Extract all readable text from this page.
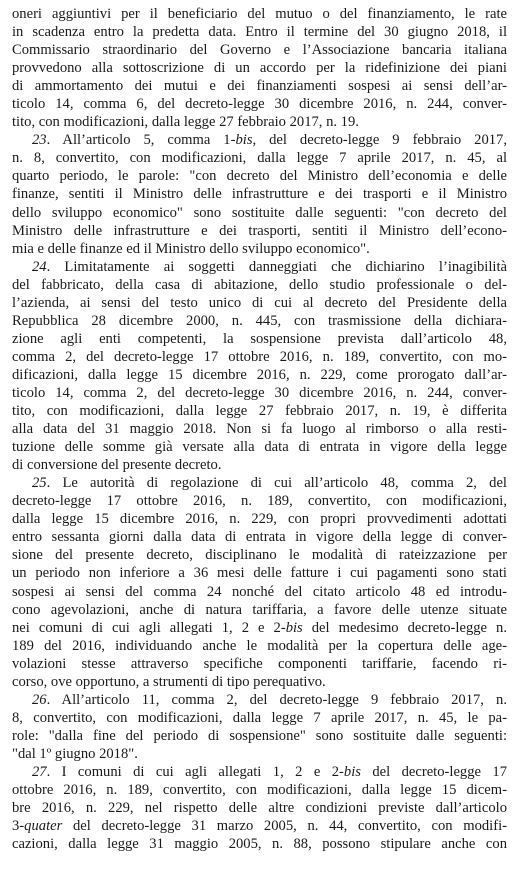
oneri aggiuntivi per il beneficiario del mutuo o del finanziamento, le rate
in scadenza entro la predetta data. Entro il termine del 30 giugno 2018, il
Commissario straordinario del Governo e l’Associazione bancaria italiana
provvedono alla sottoscrizione di un accordo per la ridefinizione dei piani
di ammortamento dei mutui e dei finanziamenti sospesi ai sensi dell’ar-
ticolo 14, comma 6, del decreto-legge 30 dicembre 2016, n. 244, conver-
tito, con modificazioni, dalla legge 27 febbraio 2017, n. 19.
23. All’articolo 5, comma 1-bis, del decreto-legge 9 febbraio 2017,
n. 8, convertito, con modificazioni, dalla legge 7 aprile 2017, n. 45, al
quarto periodo, le parole: "con decreto del Ministro dell’economia e delle
finanze, sentiti il Ministro delle infrastrutture e dei trasporti e il Ministro
dello sviluppo economico" sono sostituite dalle seguenti: "con decreto del
Ministro delle infrastrutture e dei trasporti, sentiti il Ministro dell’econo-
mia e delle finanze ed il Ministro dello sviluppo economico".
24. Limitatamente ai soggetti danneggiati che dichiarino l’inagibilità
del fabbricato, della casa di abitazione, dello studio professionale o del-
l’azienda, ai sensi del testo unico di cui al decreto del Presidente della
Repubblica 28 dicembre 2000, n. 445, con trasmissione della dichiara-
zione agli enti competenti, la sospensione prevista dall’articolo 48,
comma 2, del decreto-legge 17 ottobre 2016, n. 189, convertito, con mo-
dificazioni, dalla legge 15 dicembre 2016, n. 229, come prorogato dall’ar-
ticolo 14, comma 2, del decreto-legge 30 dicembre 2016, n. 244, conver-
tito, con modificazioni, dalla legge 27 febbraio 2017, n. 19, è differita
alla data del 31 maggio 2018. Non si fa luogo al rimborso o alla resti-
tuzione delle somme già versate alla data di entrata in vigore della legge
di conversione del presente decreto.
25. Le autorità di regolazione di cui all’articolo 48, comma 2, del
decreto-legge 17 ottobre 2016, n. 189, convertito, con modificazioni,
dalla legge 15 dicembre 2016, n. 229, con propri provvedimenti adottati
entro sessanta giorni dalla data di entrata in vigore della legge di conver-
sione del presente decreto, disciplinano le modalità di rateizzazione per
un periodo non inferiore a 36 mesi delle fatture i cui pagamenti sono stati
sospesi ai sensi del comma 24 nonché del citato articolo 48 ed introdu-
cono agevolazioni, anche di natura tariffaria, a favore delle utenze situate
nei comuni di cui agli allegati 1, 2 e 2-bis del medesimo decreto-legge n.
189 del 2016, individuando anche le modalità per la copertura delle age-
volazioni stesse attraverso specifiche componenti tariffarie, facendo ri-
corso, ove opportuno, a strumenti di tipo perequativo.
26. All’articolo 11, comma 2, del decreto-legge 9 febbraio 2017, n.
8, convertito, con modificazioni, dalla legge 7 aprile 2017, n. 45, le pa-
role: "dalla fine del periodo di sospensione" sono sostituite dalle seguenti:
"dal 1º giugno 2018".
27. I comuni di cui agli allegati 1, 2 e 2-bis del decreto-legge 17
ottobre 2016, n. 189, convertito, con modificazioni, dalla legge 15 dicem-
bre 2016, n. 229, nel rispetto delle altre condizioni previste dall’articolo
3-quater del decreto-legge 31 marzo 2005, n. 44, convertito, con modifi-
cazioni, dalla legge 31 maggio 2005, n. 88, possono stipulare anche con
